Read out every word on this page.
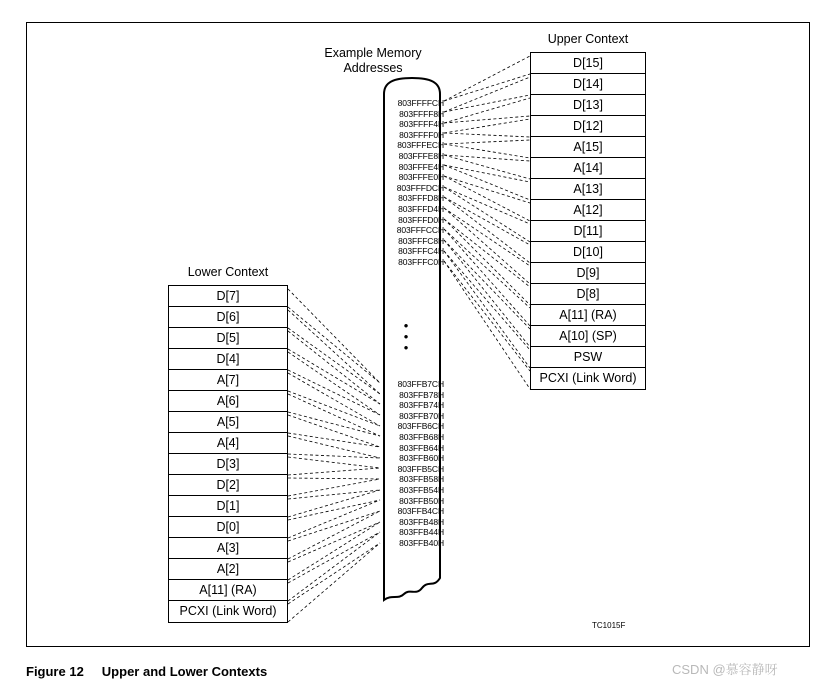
Example Memory
Addresses
803FFFFCH
803FFFF8H
803FFFF4H
803FFFF0H
803FFFECH
803FFFE8H
803FFFE4H
803FFFE0H
803FFFDCH
803FFFD8H
803FFFD4H
803FFFD0H
803FFFCCH
803FFFC8H
803FFFC4H
803FFFC0H
•
•
•
803FFB7CH
803FFB78H
803FFB74H
803FFB70H
803FFB6CH
803FFB68H
803FFB64H
803FFB60H
803FFB5CH
803FFB58H
803FFB54H
803FFB50H
803FFB4CH
803FFB48H
803FFB44H
803FFB40H
Upper Context
D[15]
D[14]
D[13]
D[12]
A[15]
A[14]
A[13]
A[12]
D[11]
D[10]
D[9]
D[8]
A[11] (RA)
A[10] (SP)
PSW
PCXI (Link Word)
Lower Context
D[7]
D[6]
D[5]
D[4]
A[7]
A[6]
A[5]
A[4]
D[3]
D[2]
D[1]
D[0]
A[3]
A[2]
A[11] (RA)
PCXI (Link Word)
TC1015F
Figure 12 Upper and Lower Contexts	CSDN @慕容静呀
